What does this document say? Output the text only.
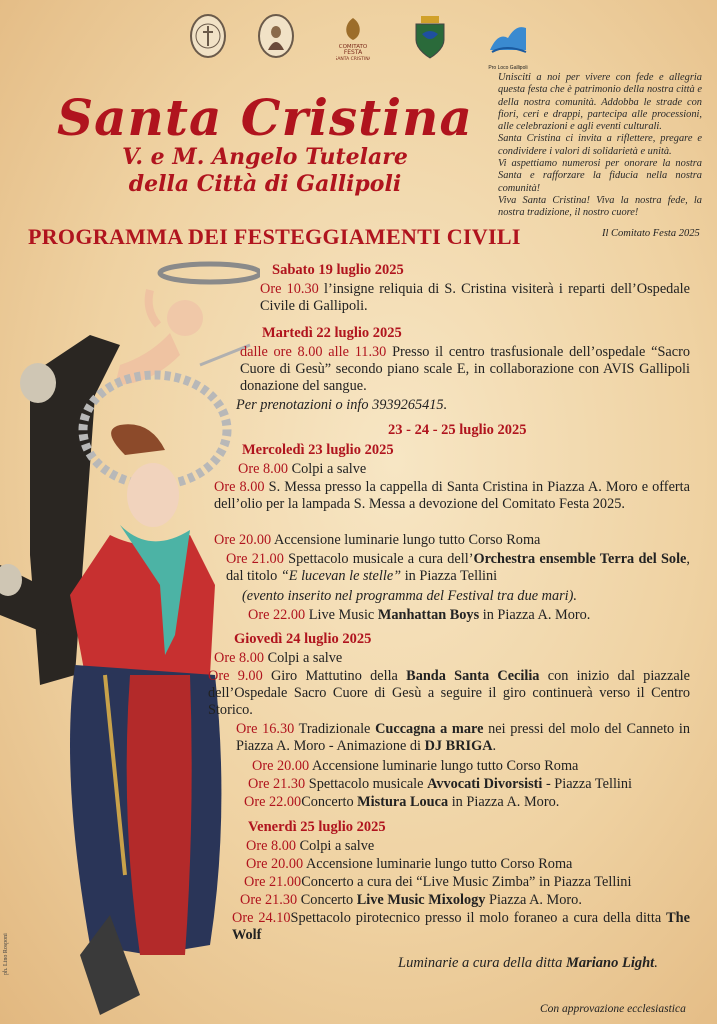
COMITATO
FESTA
SANTA CRISTINA
Pro Loco Gallipoli
Santa Cristina
V. e M. Angelo Tutelare
della Città di Gallipoli
Unisciti a noi per vivere con fede e allegria questa festa che è patrimonio della nostra città e della nostra comunità. Addobba le strade con fiori, ceri e drappi, partecipa alle processioni, alle celebrazioni e agli eventi culturali.
Santa Cristina ci invita a riflettere, pregare e condividere i valori di solidarietà e unità.
Vi aspettiamo numerosi per onorare la nostra Santa e rafforzare la fiducia nella nostra comunità!
Viva Santa Cristina! Viva la nostra fede, la nostra tradizione, il nostro cuore!
PROGRAMMA DEI FESTEGGIAMENTI CIVILI	Il Comitato Festa 2025
Sabato 19 luglio 2025
Ore 10.30 l’insigne reliquia di S. Cristina visiterà i reparti dell’Ospedale Civile di Gallipoli.
Martedì 22 luglio 2025
dalle ore 8.00 alle 11.30 Presso il centro trasfusionale dell’ospedale “Sacro Cuore di Gesù” secondo piano scale E, in collaborazione con AVIS Gallipoli donazione del sangue.
Per prenotazioni o info 3939265415.
23 - 24 - 25 luglio 2025
Mercoledì 23 luglio 2025
Ore 8.00 Colpi a salve
Ore 8.00 S. Messa presso la cappella di Santa Cristina in Piazza A. Moro e offerta dell’olio per la lampada S. Messa a devozione del Comitato Festa 2025.
Ore 20.00 Accensione luminarie lungo tutto Corso Roma
Ore 21.00 Spettacolo musicale a cura dell’Orchestra ensemble Terra del Sole, dal titolo “E lucevan le stelle” in Piazza Tellini
(evento inserito nel programma del Festival tra due mari).
Ore 22.00 Live Music Manhattan Boys in Piazza A. Moro.
Giovedì 24 luglio 2025
Ore 8.00 Colpi a salve
Ore 9.00 Giro Mattutino della Banda Santa Cecilia con inizio dal piazzale dell’Ospedale Sacro Cuore di Gesù a seguire il giro continuerà verso il Centro Storico.
Ore 16.30 Tradizionale Cuccagna a mare nei pressi del molo del Canneto in Piazza A. Moro - Animazione di DJ BRIGA.
Ore 20.00 Accensione luminarie lungo tutto Corso Roma
Ore 21.30 Spettacolo musicale Avvocati Divorsisti - Piazza Tellini
Ore 22.00Concerto Mistura Louca in Piazza A. Moro.
Venerdì 25 luglio 2025
Ore 8.00 Colpi a salve
Ore 20.00 Accensione luminarie lungo tutto Corso Roma
Ore 21.00Concerto a cura dei “Live Music Zimba” in Piazza Tellini
Ore 21.30 Concerto Live Music Mixology Piazza A. Moro.
Ore 24.10Spettacolo pirotecnico presso il molo foraneo a cura della ditta The Wolf
Luminarie a cura della ditta Mariano Light.
Con approvazione ecclesiastica
ph. Lino Rosponi
